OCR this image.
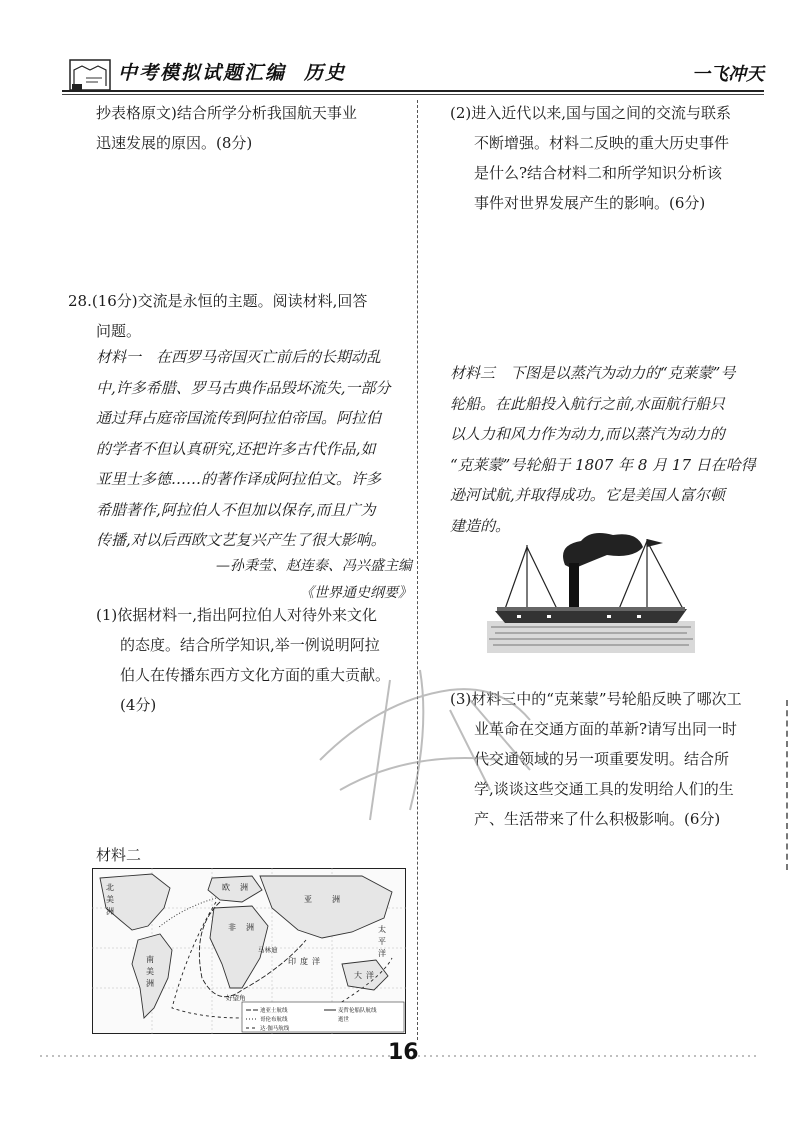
中考模拟试题汇编 历史	一飞冲天
抄表格原文)结合所学分析我国航天事业
迅速发展的原因。(8分)
28.(16分)交流是永恒的主题。阅读材料,回答
问题。
材料一　在西罗马帝国灭亡前后的长期动乱
中,许多希腊、罗马古典作品毁坏流失,一部分
通过拜占庭帝国流传到阿拉伯帝国。阿拉伯
的学者不但认真研究,还把许多古代作品,如
亚里士多德……的著作译成阿拉伯文。许多
希腊著作,阿拉伯人不但加以保存,而且广为
传播,对以后西欧文艺复兴产生了很大影响。
—孙秉莹、赵连泰、冯兴盛主编
《世界通史纲要》
(1)依据材料一,指出阿拉伯人对待外来文化
的态度。结合所学知识,举一例说明阿拉
伯人在传播东西方文化方面的重大贡献。
(4分)
材料二
北
美
洲
南
美
洲
欧 洲
亚	洲
非 洲
印 度 洋
大 洋
马林迪
好望角
太
平
洋
迪亚士航线
哥伦布航线
达·伽马航线
麦哲伦船队航线
逝世
(2)进入近代以来,国与国之间的交流与联系
不断增强。材料二反映的重大历史事件
是什么?结合材料二和所学知识分析该
事件对世界发展产生的影响。(6分)
材料三　下图是以蒸汽为动力的“克莱蒙”号
轮船。在此船投入航行之前,水面航行船只
以人力和风力作为动力,而以蒸汽为动力的
“克莱蒙”号轮船于 1807 年 8 月 17 日在哈得
逊河试航,并取得成功。它是美国人富尔顿
建造的。
(3)材料三中的“克莱蒙”号轮船反映了哪次工
业革命在交通方面的革新?请写出同一时
代交通领域的另一项重要发明。结合所
学,谈谈这些交通工具的发明给人们的生
产、生活带来了什么积极影响。(6分)
16
